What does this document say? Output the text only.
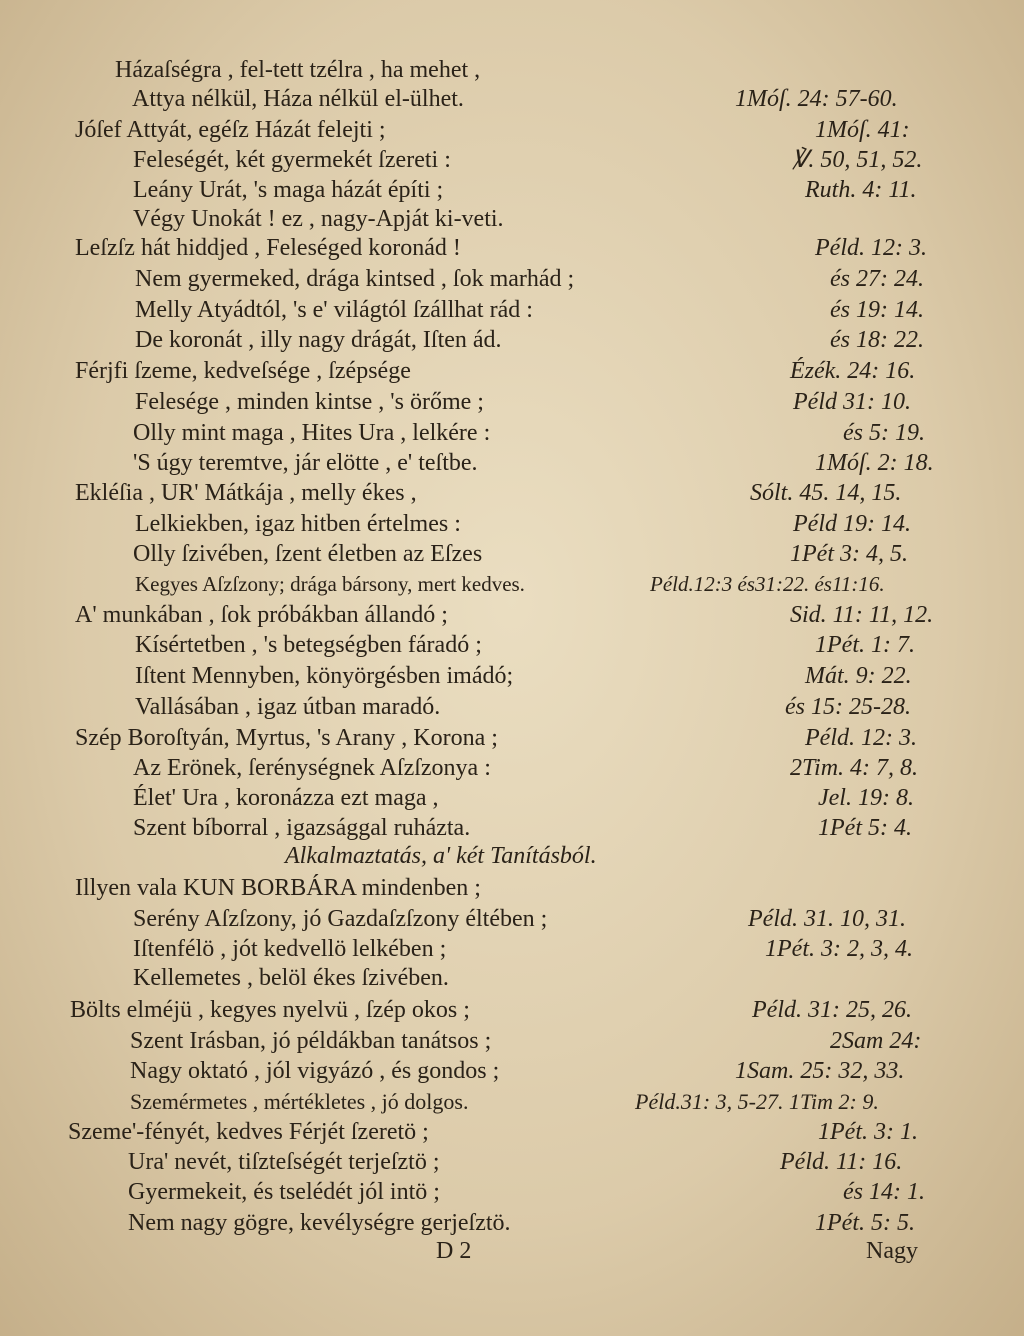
Házaſségra , fel-tett tzélra , ha mehet ,
Attya nélkül, Háza nélkül el-ülhet.	1Móſ. 24: 57-60.
Jóſef Attyát, egéſz Házát felejti ;	1Móſ. 41:
Feleségét, két gyermekét ſzereti :	℣. 50, 51, 52.
Leány Urát, 's maga házát építi ;	Ruth. 4: 11.
Végy Unokát ! ez , nagy-Apját ki-veti.
Leſzſz hát hiddjed , Feleséged koronád !	Péld. 12: 3.
Nem gyermeked, drága kintsed , ſok marhád ;	és 27: 24.
Melly Atyádtól, 's e' világtól ſzállhat rád :	és 19: 14.
De koronát , illy nagy drágát, Iſten ád.	és 18: 22.
Férjfi ſzeme, kedveſsége , ſzépsége	Ézék. 24: 16.
Felesége , minden kintse , 's örőme ;	Péld 31: 10.
Olly mint maga , Hites Ura , lelkére :	és 5: 19.
'S úgy teremtve, jár elötte , e' teſtbe.	1Móſ. 2: 18.
Ekléſia , UR' Mátkája , melly ékes ,	Sólt. 45. 14, 15.
Lelkiekben, igaz hitben értelmes :	Péld 19: 14.
Olly ſzivében, ſzent életben az Eſzes	1Pét 3: 4, 5.
Kegyes Aſzſzony; drága bársony, mert kedves.	Péld.12:3 és31:22. és11:16.
A' munkában , ſok próbákban állandó ;	Sid. 11: 11, 12.
Kísértetben , 's betegségben fáradó ;	1Pét. 1: 7.
Iſtent Mennyben, könyörgésben imádó;	Mát. 9: 22.
Vallásában , igaz útban maradó.	és 15: 25-28.
Szép Boroſtyán, Myrtus, 's Arany , Korona ;	Péld. 12: 3.
Az Erönek, ſerénységnek Aſzſzonya :	2Tim. 4: 7, 8.
Élet' Ura , koronázza ezt maga ,	Jel. 19: 8.
Szent bíborral , igazsággal ruházta.	1Pét 5: 4.
Alkalmaztatás, a' két Tanításból.
Illyen vala KUN BORBÁRA mindenben ;
Serény Aſzſzony, jó Gazdaſzſzony éltében ;	Péld. 31. 10, 31.
Iſtenfélö , jót kedvellö lelkében ;	1Pét. 3: 2, 3, 4.
Kellemetes , belöl ékes ſzivében.
Bölts elméjü , kegyes nyelvü , ſzép okos ;	Péld. 31: 25, 26.
Szent Irásban, jó példákban tanátsos ;	2Sam 24:
Nagy oktató , jól vigyázó , és gondos ;	1Sam. 25: 32, 33.
Szemérmetes , mértékletes , jó dolgos.	Péld.31: 3, 5-27. 1Tim 2: 9.
Szeme'-fényét, kedves Férjét ſzeretö ;	1Pét. 3: 1.
Ura' nevét, tiſzteſségét terjeſztö ;	Péld. 11: 16.
Gyermekeit, és tselédét jól intö ;	és 14: 1.
Nem nagy gögre, kevélységre gerjeſztö.	1Pét. 5: 5.
D 2	Nagy
